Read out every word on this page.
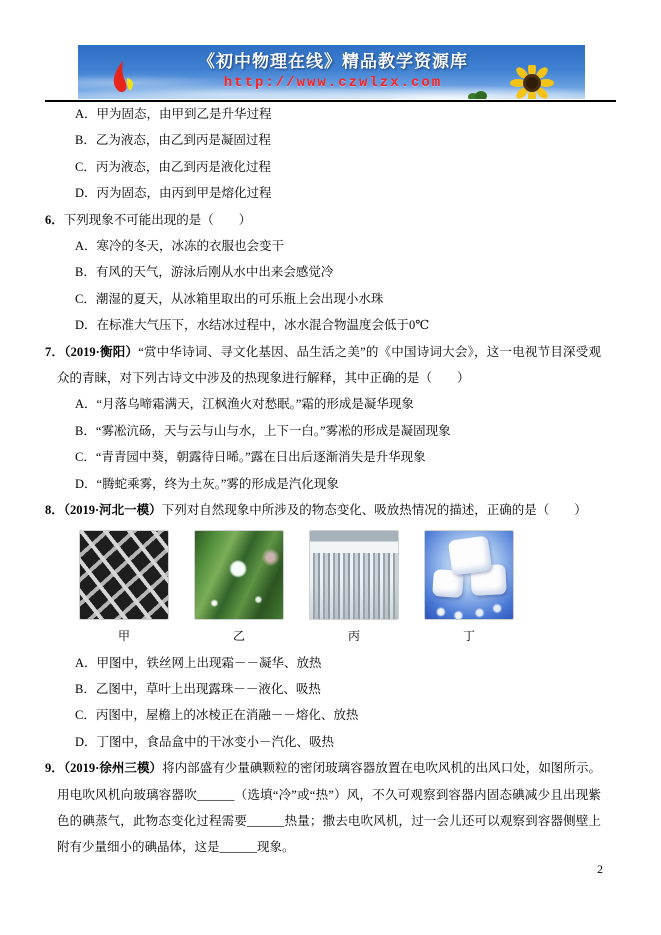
《初中物理在线》精品教学资源库
http://www.czwlzx.com
A．甲为固态，由甲到乙是升华过程
B．乙为液态，由乙到丙是凝固过程
C．丙为液态，由乙到丙是液化过程
D．丙为固态，由丙到甲是熔化过程
6．下列现象不可能出现的是（　　）
A．寒冷的冬天，冰冻的衣服也会变干
B．有风的天气，游泳后刚从水中出来会感觉冷
C．潮湿的夏天，从冰箱里取出的可乐瓶上会出现小水珠
D．在标准大气压下，水结冰过程中，冰水混合物温度会低于0℃
7．（2019·衡阳）“赏中华诗词、寻文化基因、品生活之美”的《中国诗词大会》，这一电视节目深受观众的青睐，对下列古诗文中涉及的热现象进行解释，其中正确的是（　　）
A．“月落乌啼霜满天，江枫渔火对愁眠。”霜的形成是凝华现象
B．“雾凇沆砀，天与云与山与水，上下一白。”雾凇的形成是凝固现象
C．“青青园中葵，朝露待日晞。”露在日出后逐渐消失是升华现象
D．“腾蛇乘雾，终为土灰。”雾的形成是汽化现象
8．（2019·河北一模）下列对自然现象中所涉及的物态变化、吸放热情况的描述，正确的是（　　）
甲	乙	丙	丁
A．甲图中，铁丝网上出现霜－－凝华、放热
B．乙图中，草叶上出现露珠－－液化、吸热
C．丙图中，屋檐上的冰棱正在消融－－熔化、放热
D．丁图中，食品盒中的干冰变小－汽化、吸热
9．（2019·徐州三模）将内部盛有少量碘颗粒的密闭玻璃容器放置在电吹风机的出风口处，如图所示。用电吹风机向玻璃容器吹______（选填“冷”或“热”）风，不久可观察到容器内固态碘减少且出现紫色的碘蒸气，此物态变化过程需要______热量；撒去电吹风机，过一会儿还可以观察到容器侧壁上附有少量细小的碘晶体，这是______现象。
2
